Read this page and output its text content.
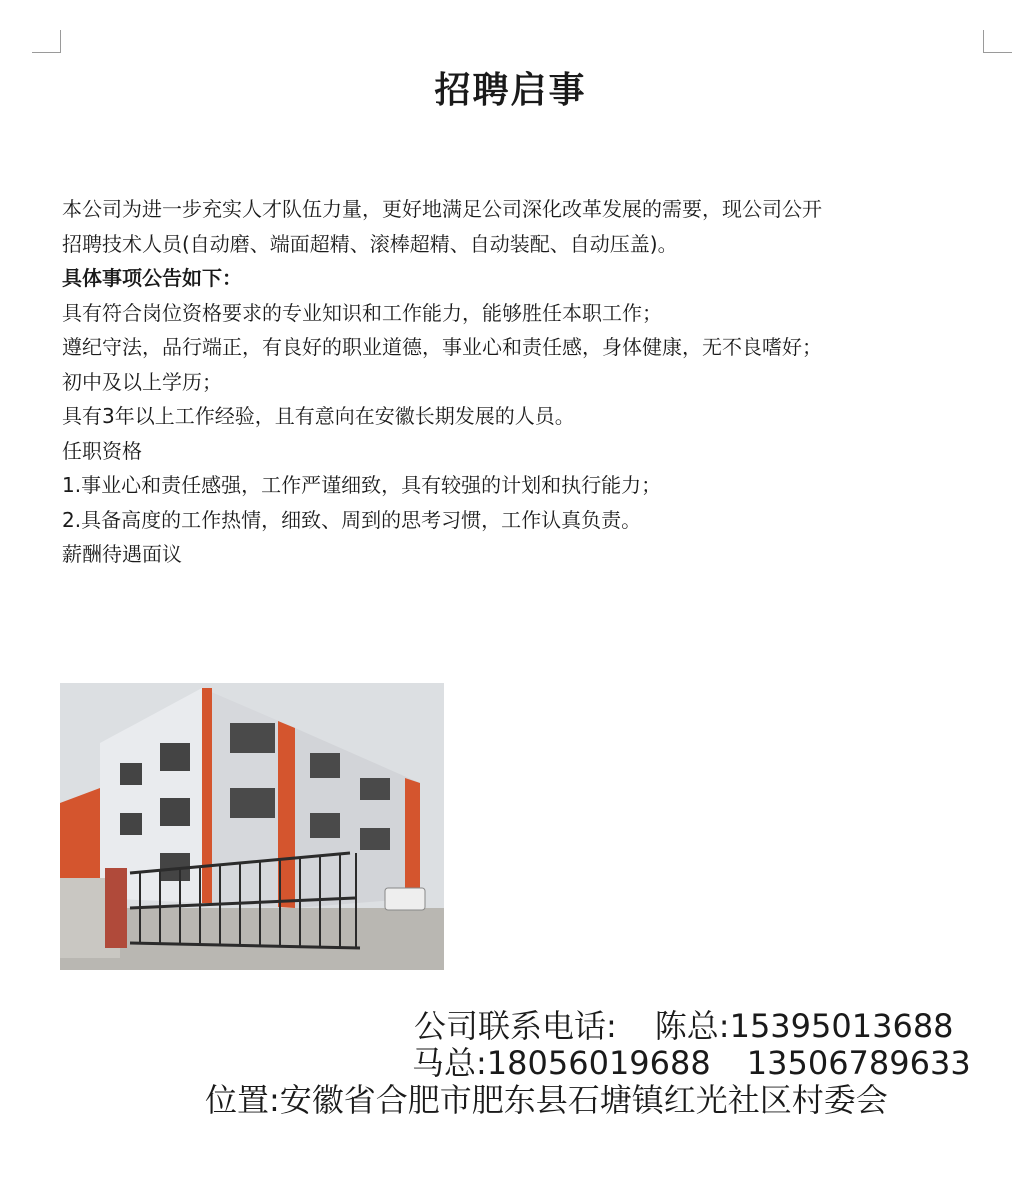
招聘启事
本公司为进一步充实人才队伍力量，更好地满足公司深化改革发展的需要，现公司公开
招聘技术人员(自动磨、端面超精、滚棒超精、自动装配、自动压盖)。
具体事项公告如下：
具有符合岗位资格要求的专业知识和工作能力，能够胜任本职工作；
遵纪守法，品行端正，有良好的职业道德，事业心和责任感，身体健康，无不良嗜好；
初中及以上学历；
具有3年以上工作经验，且有意向在安徽长期发展的人员。
任职资格
1.事业心和责任感强，工作严谨细致，具有较强的计划和执行能力；
2.具备高度的工作热情，细致、周到的思考习惯，工作认真负责。
薪酬待遇面议
公司联系电话: 陈总:15395013688
马总:18056019688 13506789633
位置:安徽省合肥市肥东县石塘镇红光社区村委会
